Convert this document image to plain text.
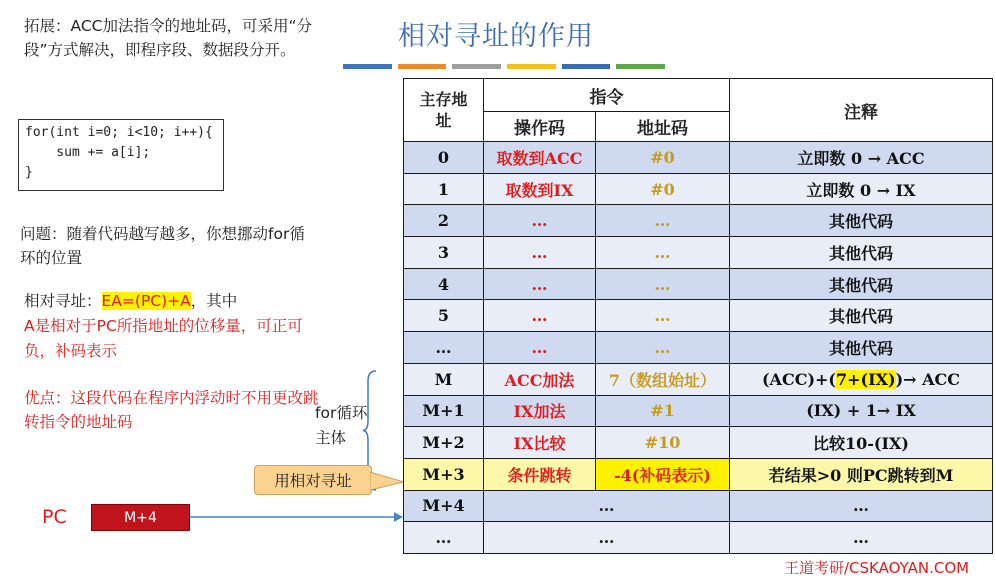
相对寻址的作用
拓展：ACC加法指令的地址码，可采用“分段”方式解决，即程序段、数据段分开。
for(int i=0; i<10; i++){
sum += a[i];
}
问题：随着代码越写越多，你想挪动for循环的位置
相对寻址：EA=(PC)+A，其中
A是相对于PC所指地址的位移量，可正可负，补码表示
优点：这段代码在程序内浮动时不用更改跳转指令的地址码	for循环主体
用相对寻址
PC	M+4
主存地址	指令		注释
	操作码	地址码	
0	取数到ACC	#0	立即数 0 → ACC
1	取数到IX	#0	立即数 0 → IX
2	…	…	其他代码
3	…	…	其他代码
4	…	…	其他代码
5	…	…	其他代码
…	…	…	其他代码
M	ACC加法	7（数组始址）	(ACC)+(7+(IX))→ ACC
M+1	IX加法	#1	(IX) + 1→ IX
M+2	IX比较	#10	比较10-(IX)
M+3	条件跳转	-4(补码表示)	若结果>0 则PC跳转到M
M+4	…		…
…	…		…
王道考研/CSKAOYAN.COM
